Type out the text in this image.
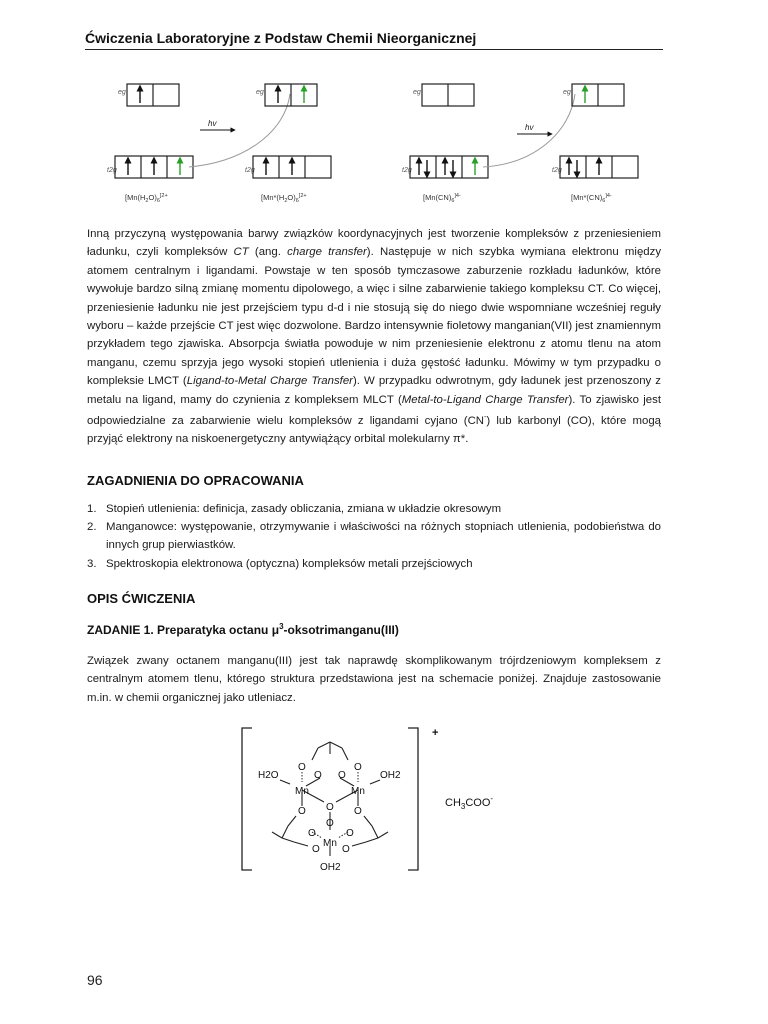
Ćwiczenia Laboratoryjne z Podstaw Chemii Nieorganicznej
eg
t2g
[$Mn(H_2O)_6^{]2+}$
hv
eg
t2g
[$Mn*(H_2O)_6^{]2+}$
eg
t2g
[$Mn(CN)_6^{]4-}$
hv
eg
t2g
[$Mn*(CN)_6^{]4-}$
Inną przyczyną występowania barwy związków koordynacyjnych jest tworzenie kompleksów z przeniesieniem ładunku, czyli kompleksów CT (ang. charge transfer). Następuje w nich szybka wymiana elektronu między atomem centralnym i ligandami. Powstaje w ten sposób tymczasowe zaburzenie rozkładu ładunków, które wywołuje bardzo silną zmianę momentu dipolowego, a więc i silne zabarwienie takiego kompleksu CT. Co więcej, przeniesienie ładunku nie jest przejściem typu d-d i nie stosują się do niego dwie wspomniane wcześniej reguły wyboru – każde przejście CT jest więc dozwolone. Bardzo intensywnie fioletowy manganian(VII) jest znamiennym przykładem tego zjawiska. Absorpcja światła powoduje w nim przeniesienie elektronu z atomu tlenu na atom manganu, czemu sprzyja jego wysoki stopień utlenienia i duża gęstość ładunku. Mówimy w tym przypadku o kompleksie LMCT (Ligand-to-Metal Charge Transfer). W przypadku odwrotnym, gdy ładunek jest przenoszony z metalu na ligand, mamy do czynienia z kompleksem MLCT (Metal-to-Ligand Charge Transfer). To zjawisko jest odpowiedzialne za zabarwienie wielu kompleksów z ligandami cyjano (CN-) lub karbonyl (CO), które mogą przyjąć elektrony na niskoenergetyczny antywiążący orbital molekularny π*.
ZAGADNIENIA DO OPRACOWANIA
1. Stopień utlenienia: definicja, zasady obliczania, zmiana w układzie okresowym
2. Manganowce: występowanie, otrzymywanie i właściwości na różnych stopniach utlenienia, podobieństwa do innych grup pierwiastków.
3. Spektroskopia elektronowa (optyczna) kompleksów metali przejściowych
OPIS ĆWICZENIA
ZADANIE 1. Preparatyka octanu $\mu^3-oksotrimanganu(III)$
Związek zwany octanem manganu(III) jest tak naprawdę skomplikowanym trójrdzeniowym kompleksem z centralnym atomem tlenu, którego struktura przedstawiona jest na schemacie poniżej. Znajduje zastosowanie m.in. w chemii organicznej jako utleniacz.
+
Mn	Mn
Mn
O
O	O
O O
O	O
O
O	O
O O
H2O	OH2
OH2
$CH_3COO^-$
96
